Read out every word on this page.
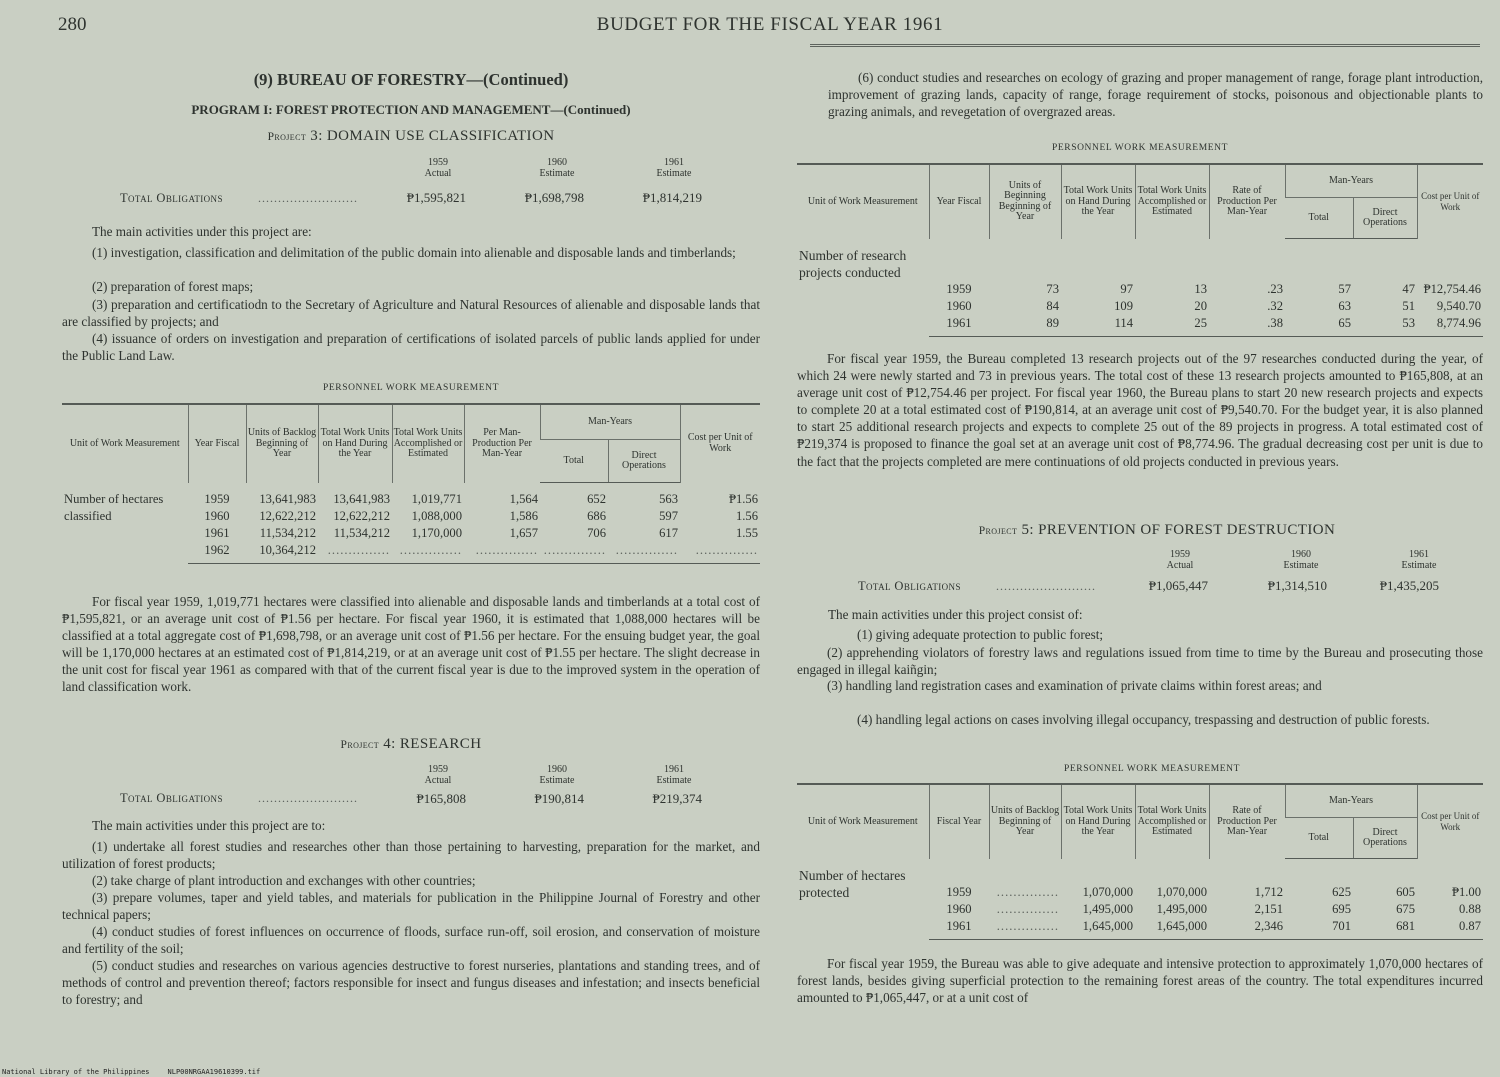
280	BUDGET FOR THE FISCAL YEAR 1961
(9) BUREAU OF FORESTRY—(Continued)
PROGRAM I: FOREST PROTECTION AND MANAGEMENT—(Continued)
Project 3: DOMAIN USE CLASSIFICATION
1959
Actual
1960
Estimate
1961
Estimate
Total Obligations	.........................	₱1,595,821	₱1,698,798	₱1,814,219

The main activities under this project are:

(1) investigation, classification and delimitation of the public domain into alienable and disposable lands and timberlands;

(2) preparation of forest maps;

(3) preparation and certificatiodn to the Secretary of Agriculture and Natural Resources of alienable and disposable lands that are classified by projects; and

(4) issuance of orders on investigation and preparation of certifications of isolated parcels of public lands applied for under the Public Land Law.

PERSONNEL WORK MEASUREMENT
Unit of Work Measurement	Year Fiscal	Units of Backlog Beginning of Year	Total Work Units on Hand During the Year	Total Work Units Accomplished or Estimated	Per Man-Production Per Man-Year	Man-Years		Cost per Unit of Work
						Total	Direct Operations	
Number of hectares classified	1959	13,641,983	13,641,983	1,019,771	1,564	652	563	₱1.56
	1960	12,622,212	12,622,212	1,088,000	1,586	686	597	1.56
	1961	11,534,212	11,534,212	1,170,000	1,657	706	617	1.55
	1962	10,364,212	...............	...............	...............	...............	...............	...............

For fiscal year 1959, 1,019,771 hectares were classified into alienable and disposable lands and timberlands at a total cost of ₱1,595,821, or an average unit cost of ₱1.56 per hectare. For fiscal year 1960, it is estimated that 1,088,000 hectares will be classified at a total aggregate cost of ₱1,698,798, or an average unit cost of ₱1.56 per hectare. For the ensuing budget year, the goal will be 1,170,000 hectares at an estimated cost of ₱1,814,219, or at an average unit cost of ₱1.55 per hectare. The slight decrease in the unit cost for fiscal year 1961 as compared with that of the current fiscal year is due to the improved system in the operation of land classification work.

Project 4: RESEARCH
1959
Actual
1960
Estimate
1961
Estimate
Total Obligations	.........................	₱165,808	₱190,814	₱219,374

The main activities under this project are to:

(1) undertake all forest studies and researches other than those pertaining to harvesting, preparation for the market, and utilization of forest products;

(2) take charge of plant introduction and exchanges with other countries;

(3) prepare volumes, taper and yield tables, and materials for publication in the Philippine Journal of Forestry and other technical papers;

(4) conduct studies of forest influences on occurrence of floods, surface run-off, soil erosion, and conservation of moisture and fertility of the soil;

(5) conduct studies and researches on various agencies destructive to forest nurseries, plantations and standing trees, and of methods of control and prevention thereof; factors responsible for insect and fungus diseases and infestation; and insects beneficial to forestry; and

(6) conduct studies and researches on ecology of grazing and proper management of range, forage plant introduction, improvement of grazing lands, capacity of range, forage requirement of stocks, poisonous and objectionable plants to grazing animals, and revegetation of overgrazed areas.

PERSONNEL WORK MEASUREMENT
Unit of Work Measurement	Year Fiscal	Units of Beginning Beginning of Year	Total Work Units on Hand During the Year	Total Work Units Accomplished or Estimated	Rate of Production Per Man-Year	Man-Years		Cost per Unit of Work
						Total	Direct Operations	
Number of research projects conducted	1959	73	97	13	.23	57	47	₱12,754.46
	1960	84	109	20	.32	63	51	9,540.70
	1961	89	114	25	.38	65	53	8,774.96

For fiscal year 1959, the Bureau completed 13 research projects out of the 97 researches conducted during the year, of which 24 were newly started and 73 in previous years. The total cost of these 13 research projects amounted to ₱165,808, at an average unit cost of ₱12,754.46 per project. For fiscal year 1960, the Bureau plans to start 20 new research projects and expects to complete 20 at a total estimated cost of ₱190,814, at an average unit cost of ₱9,540.70. For the budget year, it is also planned to start 25 additional research projects and expects to complete 25 out of the 89 projects in progress. A total estimated cost of ₱219,374 is proposed to finance the goal set at an average unit cost of ₱8,774.96. The gradual decreasing cost per unit is due to the fact that the projects completed are mere continuations of old projects conducted in previous years.

Project 5: PREVENTION OF FOREST DESTRUCTION
1959
Actual
1960
Estimate
1961
Estimate
Total Obligations	.........................	₱1,065,447	₱1,314,510	₱1,435,205

The main activities under this project consist of:

(1) giving adequate protection to public forest;

(2) apprehending violators of forestry laws and regulations issued from time to time by the Bureau and prosecuting those engaged in illegal kaiñgin;

(3) handling land registration cases and examination of private claims within forest areas; and

(4) handling legal actions on cases involving illegal occupancy, trespassing and destruction of public forests.

PERSONNEL WORK MEASUREMENT
Unit of Work Measurement	Fiscal Year	Units of Backlog Beginning of Year	Total Work Units on Hand During the Year	Total Work Units Accomplished or Estimated	Rate of Production Per Man-Year	Man-Years		Cost per Unit of Work
						Total	Direct Operations	
Number of hectares protected	1959	...............	1,070,000	1,070,000	1,712	625	605	₱1.00
	1960	...............	1,495,000	1,495,000	2,151	695	675	0.88
	1961	...............	1,645,000	1,645,000	2,346	701	681	0.87

For fiscal year 1959, the Bureau was able to give adequate and intensive protection to approximately 1,070,000 hectares of forest lands, besides giving superficial protection to the remaining forest areas of the country. The total expenditures incurred amounted to ₱1,065,447, or at a unit cost of

National Library of the Philippines	NLP00NRGAA19610399.tif
